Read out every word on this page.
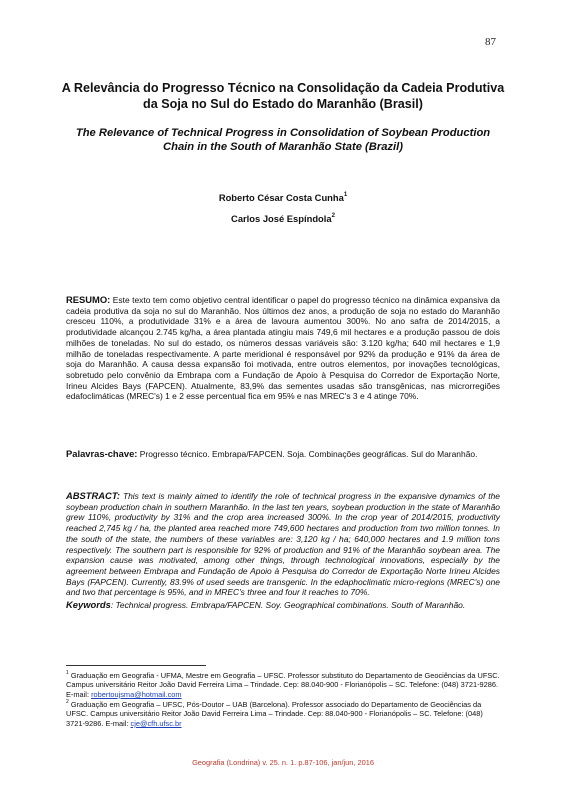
87
A Relevância do Progresso Técnico na Consolidação da Cadeia Produtiva da Soja no Sul do Estado do Maranhão (Brasil)
The Relevance of Technical Progress in Consolidation of Soybean Production Chain in the South of Maranhão State (Brazil)
Roberto César Costa Cunha$^1$
Carlos José Espíndola$^2$
RESUMO: Este texto tem como objetivo central identificar o papel do progresso técnico na dinâmica expansiva da cadeia produtiva da soja no sul do Maranhão. Nos últimos dez anos, a produção de soja no estado do Maranhão cresceu 110%, a produtividade 31% e a área de lavoura aumentou 300%. No ano safra de 2014/2015, a produtividade alcançou 2.745 kg/ha, a área plantada atingiu mais 749,6 mil hectares e a produção passou de dois milhões de toneladas. No sul do estado, os números dessas variáveis são: 3.120 kg/ha; 640 mil hectares e 1,9 milhão de toneladas respectivamente. A parte meridional é responsável por 92% da produção e 91% da área de soja do Maranhão. A causa dessa expansão foi motivada, entre outros elementos, por inovações tecnológicas, sobretudo pelo convênio da Embrapa com a Fundação de Apoio à Pesquisa do Corredor de Exportação Norte, Irineu Alcides Bays (FAPCEN). Atualmente, 83,9% das sementes usadas são transgênicas, nas microrregiões edafoclimáticas (MREC's) 1 e 2 esse percentual fica em 95% e nas MREC's 3 e 4 atinge 70%.
Palavras-chave: Progresso técnico. Embrapa/FAPCEN. Soja. Combinações geográficas. Sul do Maranhão.
ABSTRACT: This text is mainly aimed to identify the role of technical progress in the expansive dynamics of the soybean production chain in southern Maranhão. In the last ten years, soybean production in the state of Maranhão grew 110%, productivity by 31% and the crop area increased 300%. In the crop year of 2014/2015, productivity reached 2,745 kg / ha, the planted area reached more 749,600 hectares and production from two million tonnes. In the south of the state, the numbers of these variables are: 3,120 kg / ha; 640,000 hectares and 1.9 million tons respectively. The southern part is responsible for 92% of production and 91% of the Maranhão soybean area. The expansion cause was motivated, among other things, through technological innovations, especially by the agreement between Embrapa and Fundação de Apoio à Pesquisa do Corredor de Exportação Norte Irineu Alcides Bays (FAPCEN). Currently, 83.9% of used seeds are transgenic. In the edaphoclimatic micro-regions (MREC's) one and two that percentage is 95%, and in MREC's three and four it reaches to 70%.
Keywords: Technical progress. Embrapa/FAPCEN. Soy. Geographical combinations. South of Maranhão.
$^1$ Graduação em Geografia - UFMA, Mestre em Geografia – UFSC. Professor substituto do Departamento de Geociências da UFSC. Campus universitário Reitor João David Ferreira Lima – Trindade. Cep: 88.040-900 - Florianópolis – SC. Telefone: (048) 3721-9286. E-mail: robertoujsma@hotmail.com
$^2$ Graduação em Geografia – UFSC, Pós-Doutor – UAB (Barcelona). Professor associado do Departamento de Geociências da UFSC. Campus universitário Reitor João David Ferreira Lima – Trindade. Cep: 88.040-900 - Florianópolis – SC. Telefone: (048) 3721-9286. E-mail: cje@cfh.ufsc.br
Geografia (Londrina) v. 25. n. 1. p.87-106, jan/jun, 2016
